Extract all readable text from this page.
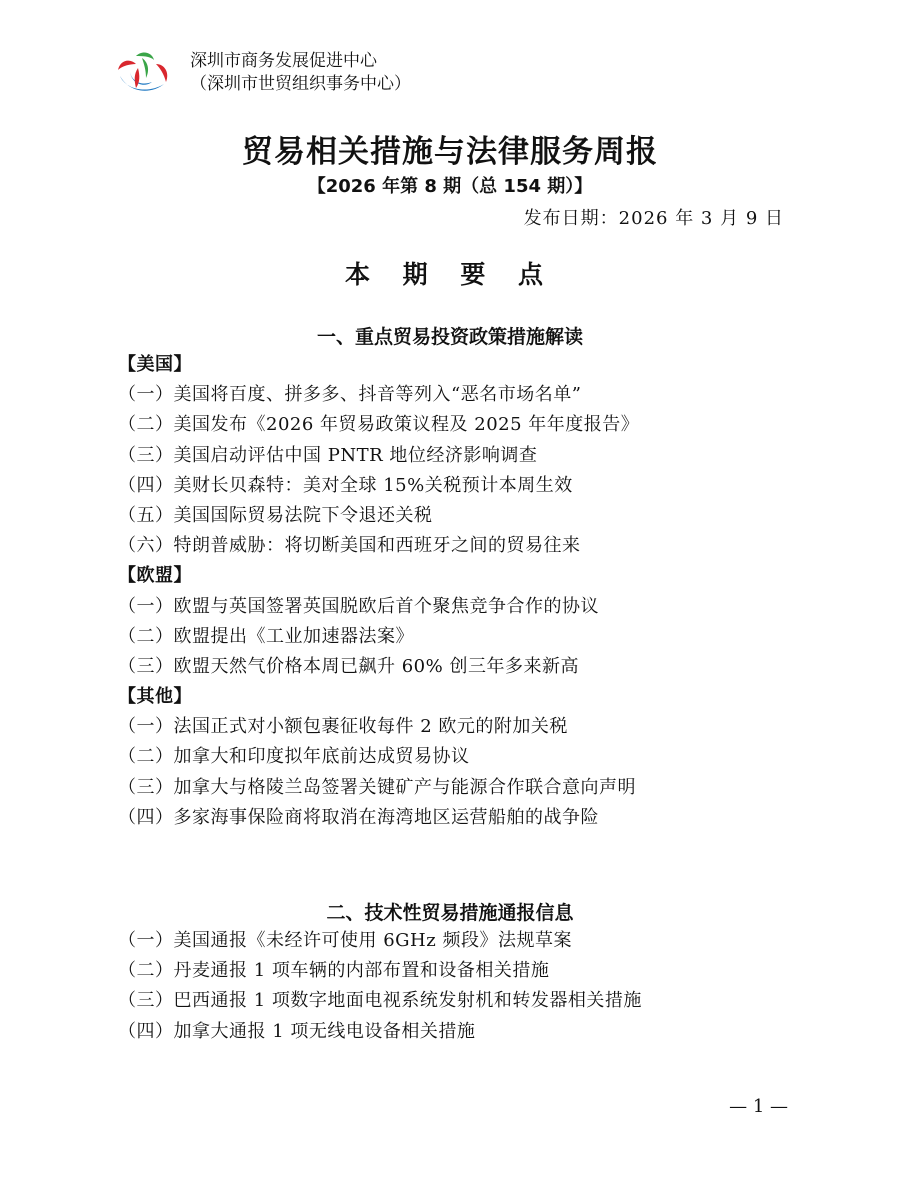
深圳市商务发展促进中心
（深圳市世贸组织事务中心）
贸易相关措施与法律服务周报
【2026 年第 8 期（总 154 期）】
发布日期：2026 年 3 月 9 日
本 期 要 点
一、重点贸易投资政策措施解读
【美国】
（一）美国将百度、拼多多、抖音等列入“恶名市场名单”
（二）美国发布《2026 年贸易政策议程及 2025 年年度报告》
（三）美国启动评估中国 PNTR 地位经济影响调查
（四）美财长贝森特：美对全球 15%关税预计本周生效
（五）美国国际贸易法院下令退还关税
（六）特朗普威胁：将切断美国和西班牙之间的贸易往来
【欧盟】
（一）欧盟与英国签署英国脱欧后首个聚焦竞争合作的协议
（二）欧盟提出《工业加速器法案》
（三）欧盟天然气价格本周已飙升 60% 创三年多来新高
【其他】
（一）法国正式对小额包裹征收每件 2 欧元的附加关税
（二）加拿大和印度拟年底前达成贸易协议
（三）加拿大与格陵兰岛签署关键矿产与能源合作联合意向声明
（四）多家海事保险商将取消在海湾地区运营船舶的战争险
二、技术性贸易措施通报信息
（一）美国通报《未经许可使用 6GHz 频段》法规草案
（二）丹麦通报 1 项车辆的内部布置和设备相关措施
（三）巴西通报 1 项数字地面电视系统发射机和转发器相关措施
（四）加拿大通报 1 项无线电设备相关措施
— 1 —
